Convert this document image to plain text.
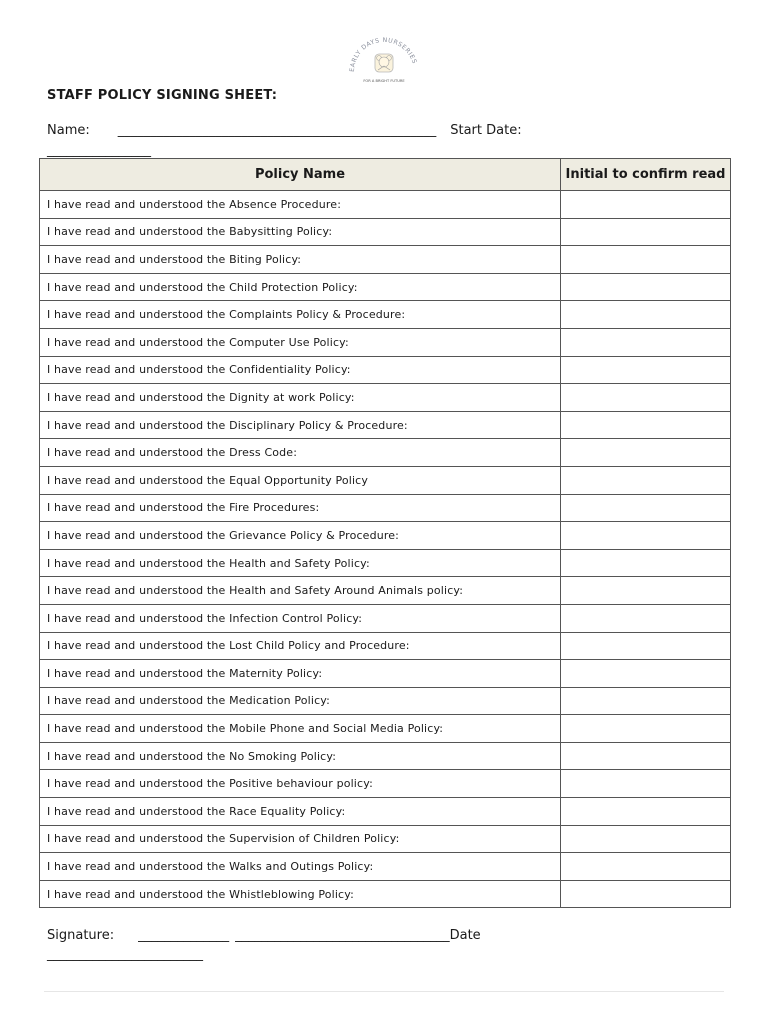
EARLY DAYS NURSERIES
FOR A BRIGHT FUTURE
STAFF POLICY SIGNING SHEET:
Name: _________________________________________________ Start Date:
________________
Policy Name	Initial to confirm read
I have read and understood the Absence Procedure:	
I have read and understood the Babysitting Policy:	
I have read and understood the Biting Policy:	
I have read and understood the Child Protection Policy:	
I have read and understood the Complaints Policy & Procedure:	
I have read and understood the Computer Use Policy:	
I have read and understood the Confidentiality Policy:	
I have read and understood the Dignity at work Policy:	
I have read and understood the Disciplinary Policy & Procedure:	
I have read and understood the Dress Code:	
I have read and understood the Equal Opportunity Policy	
I have read and understood the Fire Procedures:	
I have read and understood the Grievance Policy & Procedure:	
I have read and understood the Health and Safety Policy:	
I have read and understood the Health and Safety Around Animals policy:	
I have read and understood the Infection Control Policy:	
I have read and understood the Lost Child Policy and Procedure:	
I have read and understood the Maternity Policy:	
I have read and understood the Medication Policy:	
I have read and understood the Mobile Phone and Social Media Policy:	
I have read and understood the No Smoking Policy:	
I have read and understood the Positive behaviour policy:	
I have read and understood the Race Equality Policy:	
I have read and understood the Supervision of Children Policy:	
I have read and understood the Walks and Outings Policy:	
I have read and understood the Whistleblowing Policy:	
Signature: ______________ _________________________________Date
________________________
